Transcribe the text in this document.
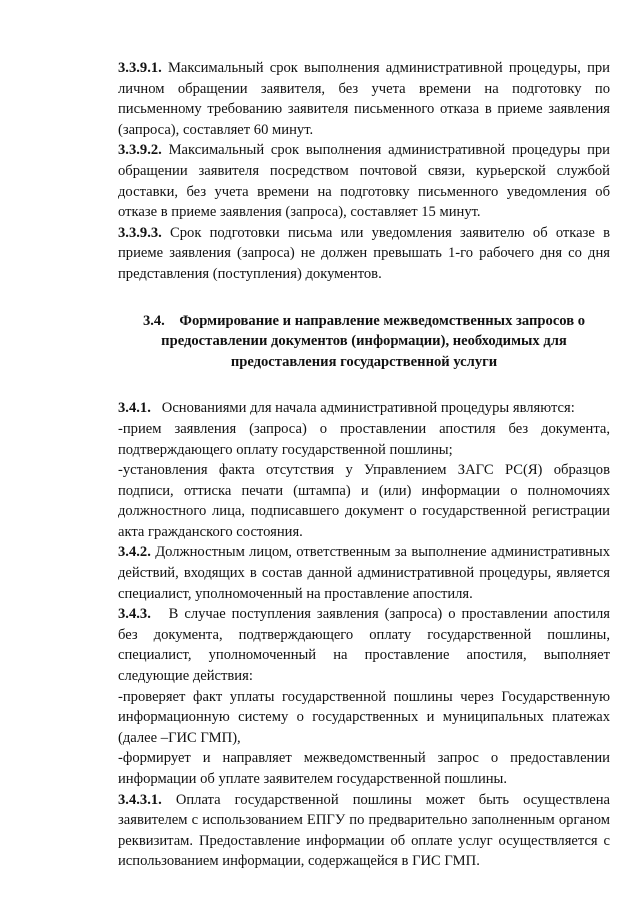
3.3.9.1. Максимальный срок выполнения административной процедуры, при личном обращении заявителя, без учета времени на подготовку по письменному требованию заявителя письменного отказа в приеме заявления (запроса), составляет 60 минут.

3.3.9.2. Максимальный срок выполнения административной процедуры при обращении заявителя посредством почтовой связи, курьерской службой доставки, без учета времени на подготовку письменного уведомления об отказе в приеме заявления (запроса), составляет 15 минут.

3.3.9.3. Срок подготовки письма или уведомления заявителю об отказе в приеме заявления (запроса) не должен превышать 1-го рабочего дня со дня представления (поступления) документов.

3.4. Формирование и направление межведомственных запросов о предоставлении документов (информации), необходимых для предоставления государственной услуги

3.4.1.   Основаниями для начала административной процедуры являются:

-прием заявления (запроса) о проставлении апостиля без документа, подтверждающего оплату государственной пошлины;

-установления факта отсутствия у Управлением ЗАГС РС(Я) образцов подписи, оттиска печати (штампа) и (или) информации о полномочиях должностного лица, подписавшего документ о государственной регистрации акта гражданского состояния.

3.4.2. Должностным лицом, ответственным за выполнение административных действий, входящих в состав данной административной процедуры, является специалист, уполномоченный на проставление апостиля.

3.4.3.   В случае поступления заявления (запроса) о проставлении апостиля без документа, подтверждающего оплату государственной пошлины, специалист, уполномоченный на проставление апостиля, выполняет следующие действия:

-проверяет факт уплаты государственной пошлины через Государственную информационную систему о государственных и муниципальных платежах (далее –ГИС ГМП),

-формирует и направляет межведомственный запрос о предоставлении информации об уплате заявителем государственной пошлины.

3.4.3.1. Оплата государственной пошлины может быть осуществлена заявителем с использованием ЕПГУ по предварительно заполненным органом реквизитам. Предоставление информации об оплате услуг осуществляется с использованием информации, содержащейся в ГИС ГМП.
